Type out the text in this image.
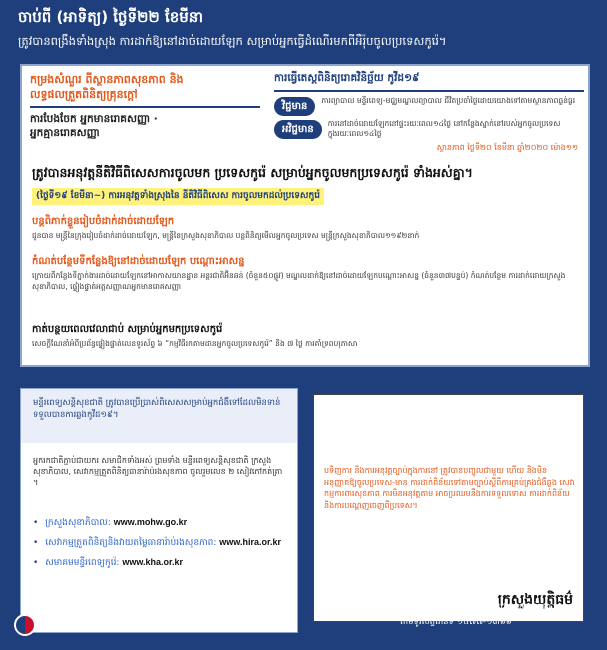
ចាប់ពី (អាទិត្យ) ថ្ងៃទី២២ ខែមីនា
ត្រូវបានពង្រឹងទាំងស្រុង ការដាក់ឱ្យនៅដាច់ដោយឡែក សម្រាប់អ្នកធ្វើដំណើរមកពីអឺរ៉ុបចូលប្រទេសកូរ៉េ។
កម្រងសំណួរ ពីស្ថានភាពសុខភាព និង
លទ្ធផលត្រួតពិនិត្យគ្រុនក្តៅ
ការបែងចែក អ្នកមានរោគសញ្ញា ·
អ្នកគ្មានរោគសញ្ញា
ការធ្វើតេស្តពិនិត្យរោគវិនិច្ឆ័យ កូវីដ១៩
វិជ្ជមាន
ការព្យាបាល មន្ទីរពេទ្យ-មជ្ឈមណ្ឌលព្យាបាល ជីវិតប្រចាំថ្ងៃដោយយោងទៅតាមស្ថានភាពធ្ងន់ធ្ងរ
អវិជ្ជមាន
ការនៅដាច់ដោយឡែកនៅផ្ទះរយៈពេល១៤ថ្ងៃ នៅកន្លែងស្នាក់នៅរបស់អ្នកចូលប្រទេស ក្នុងរយៈពេល១៤ថ្ងៃ
ស្ថានភាព ថ្ងៃទី២០ ខែមីនា ឆ្នាំ២០២០ ម៉ោង១១
ត្រូវបានអនុវត្តនីតិវិធីពិសេសការចូលមក ប្រទេសកូរ៉េ សម្រាប់អ្នកចូលមកប្រទេសកូរ៉េ ទាំងអស់គ្នា។
(ថ្ងៃទី១៩ ខែមីនា~) ការអនុវត្តទាំងស្រុងនៃ នីតិវិធីពិសេស ការចូលមកដល់ប្រទេសកូរ៉េ
បន្តពិភាក់ខ្លួនរៀបចំដាក់ដាច់ដោយឡែក
ជូនបាន មន្ត្រីនៃក្រុងរៀបចំដាក់ដាច់ដោយឡែក, មន្ត្រីនៃក្រសួងសុខាភិបាល បន្តពិនិត្យមើលអ្នកចូលប្រទេស មន្ត្រីក្រសួងសុខាភិបាល១១៩២នាក់
កំណត់បន្ថែមទីកន្លែងឱ្យនៅដាច់ដោយឡែក បណ្តោះអាសន្ន
ក្រោយពីកន្លែងទីភ្នាក់ងារដាច់ដោយឡែកនៅអាកាសយានដ្ឋាន អន្តរជាតិអ៊ីនឆន់ (ចំនួន៥០ផ្លូវ) មណ្ឌលដាក់ឱ្យនៅដាច់ដោយឡែកបណ្តោះអាសន្ន (ចំនួន៣៧បន្ទប់) កំណត់បន្ថែម ការដាក់ដោយក្រសួងសុខាភិបាល, ផ្ទៀងផ្ទាត់អត្តសញ្ញាណអ្នកមានរោគសញ្ញា
កាត់បន្ថយពេលវេលាជាប់ សម្រាប់អ្នកមកប្រទេសកូរ៉េ
សេចក្តីណែនាំអំពីប្រព័ន្ធផ្ទៀងផ្ទាត់លេខទូរស័ព្ទ ៦ “កម្មវិធីរកតាមដានអ្នកចូលប្រទេសកូរ៉េ” និង ៧ ថ្ងៃ ការគាំទ្រពហុភាសា
មន្ទីរពេទ្យសន្តិសុខជាតិ ត្រូវបានប្រើប្រាស់ពិសេសសម្រាប់អ្នកជំងឺទៅដែលមិនទាន់ទទួលបានការឆ្លងកូវីដ១៩។
អ្នករកជាតិភ្ជាប់ជាយករ សមាជិកទាំងអស់ ព្រមទាំង មន្ទីរពេទ្យសន្តិសុខជាតិ ក្រសួងសុខាភិបាល, សេវាកម្មត្រួតពិនិត្យធានារ៉ាប់រងសុខភាព ចូលរួមលេខ ២ សៀវភៅកត់ត្រា ។
• ក្រសួងសុខាភិបាល: www.mohw.go.kr
• សេវាកម្មត្រួតពិនិត្យនិងវាយតម្លៃធានារ៉ាប់រងសុខភាព: www.hira.or.kr
• សមាគមមន្ទីរពេទ្យកូរ៉េ: www.kha.or.kr
បទិញការ និងការអនុវត្តច្បាប់ក្នុងការនៅ ត្រូវបានបញ្ចូលជាមួយ ហើយ និងមិនអនុញ្ញាតឱ្យចូលប្រទេស-មាន ការដាក់ពិន័យទៅតាមច្បាប់ស្តីពីការគ្រប់គ្រងជំងឺឆ្លង សេវាកម្មការពារសុខភាព ការមិនអនុវត្តតាម អាចប្រឈមនឹងការទទួលទោស ការដាក់ពិន័យ និងការបណ្តេញចេញពីប្រទេស។
ក្រសួងយុត្តិធម៌
ក្រសួងកិច្ចការនៅនិងក្រុងការ
ការបកប្រែនេះ គឺធ្វើឡើងដោយមជ្ឈមណ្ឌលប្រឹក្សា
តាមទូរស័ព្ទជាន់ទី ១៥៧៧-១៣៦៦
